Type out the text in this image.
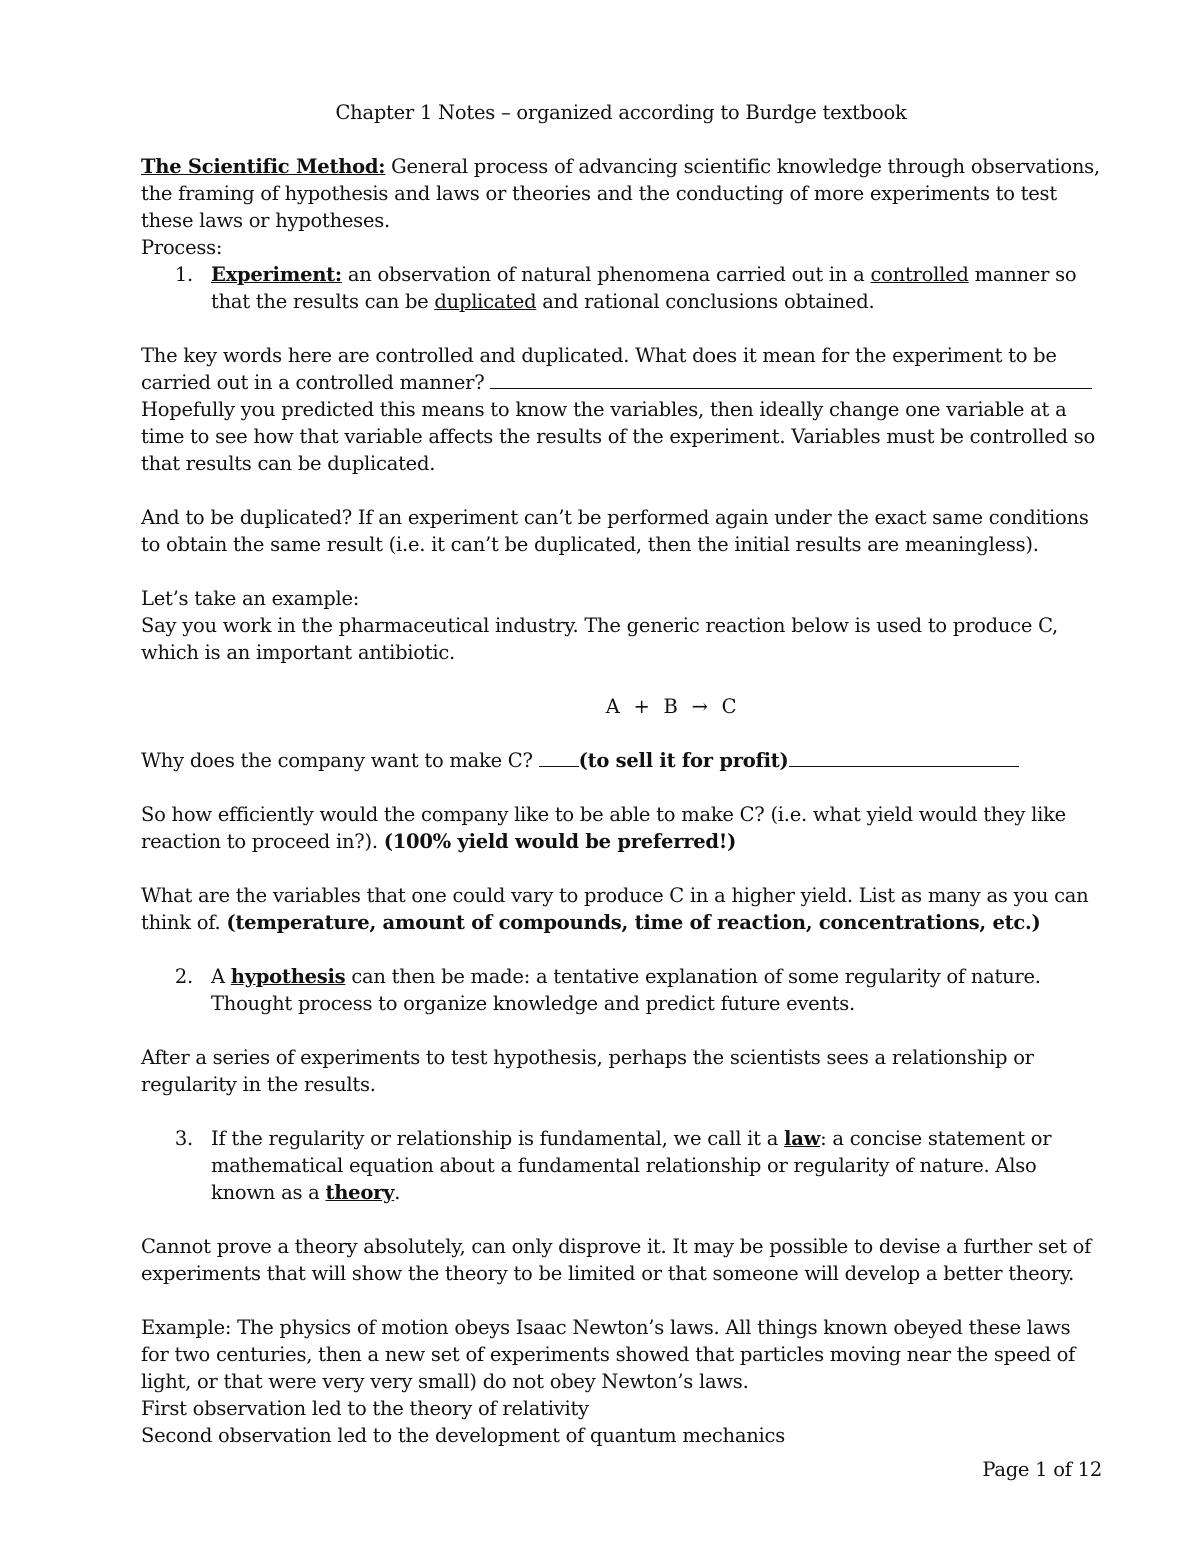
Chapter 1 Notes – organized according to Burdge textbook

The Scientific Method: General process of advancing scientific knowledge through observations, the framing of hypothesis and laws or theories and the conducting of more experiments to test these laws or hypotheses.

Process:

1. Experiment: an observation of natural phenomena carried out in a controlled manner so that the results can be duplicated and rational conclusions obtained.

The key words here are controlled and duplicated. What does it mean for the experiment to be carried out in a controlled manner?

Hopefully you predicted this means to know the variables, then ideally change one variable at a time to see how that variable affects the results of the experiment. Variables must be controlled so that results can be duplicated.

And to be duplicated? If an experiment can’t be performed again under the exact same conditions to obtain the same result (i.e. it can’t be duplicated, then the initial results are meaningless).

Let’s take an example:

Say you work in the pharmaceutical industry. The generic reaction below is used to produce C, which is an important antibiotic.

A + B → C

Why does the company want to make C? (to sell it for profit)

So how efficiently would the company like to be able to make C? (i.e. what yield would they like reaction to proceed in?). (100% yield would be preferred!)

What are the variables that one could vary to produce C in a higher yield. List as many as you can think of. (temperature, amount of compounds, time of reaction, concentrations, etc.)

2. A hypothesis can then be made: a tentative explanation of some regularity of nature. Thought process to organize knowledge and predict future events.

After a series of experiments to test hypothesis, perhaps the scientists sees a relationship or regularity in the results.

3. If the regularity or relationship is fundamental, we call it a law: a concise statement or mathematical equation about a fundamental relationship or regularity of nature. Also known as a theory.

Cannot prove a theory absolutely, can only disprove it. It may be possible to devise a further set of experiments that will show the theory to be limited or that someone will develop a better theory.

Example: The physics of motion obeys Isaac Newton’s laws. All things known obeyed these laws for two centuries, then a new set of experiments showed that particles moving near the speed of light, or that were very very small) do not obey Newton’s laws.

First observation led to the theory of relativity

Second observation led to the development of quantum mechanics

Page 1 of 12
